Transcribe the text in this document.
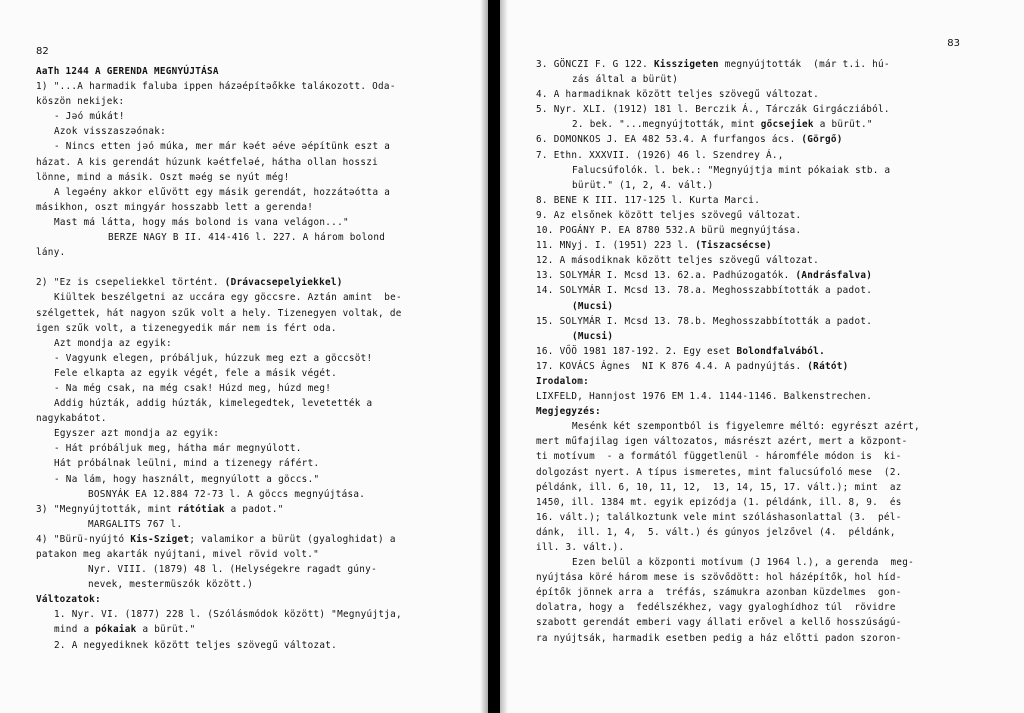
82
AaTh 1244 A GERENDA MEGNYÚJTÁSA
1) "...A harmadik faluba ippen házəépítəőkke taláкozott. Oda-
köszön nekijek:
- Jəó múkát!
Azok visszaszəónak:
- Nincs etten jəó múka, mer már kəét əéve əépítünk eszt a
házat. A kis gerendát húzunk kəétfeləé, hátha ollan hosszi
lönne, mind a másik. Oszt məég se nyút még!
A legəény akkor elűvött egy másik gerendát, hozzátəótta a
másikhon, oszt mingyár hosszabb lett a gerenda!
Mast má látta, hogy más bolond is vana velágon..."
BERZE NAGY B II. 414-416 l. 227. A három bolond
lány.
2) "Ez is csepeliekkel történt. (Drávacsepelyiekkel)
Kiültek beszélgetni az uccára egy göccsre. Aztán amint  be-
szélgettek, hát nagyon szűk volt a hely. Tizenegyen voltak, de
igen szűk volt, a tizenegyedik már nem is fért oda.
Azt mondja az egyik:
- Vagyunk elegen, próbáljuk, húzzuk meg ezt a göccsöt!
Fele elkapta az egyik végét, fele a másik végét.
- Na még csak, na még csak! Húzd meg, húzd meg!
Addig húzták, addig húzták, kimelegedtek, levetették a
nagykabátot.
Egyszer azt mondja az egyik:
- Hát próbáljuk meg, hátha már megnyúlott.
Hát próbálnak leülni, mind a tizenegy ráfért.
- Na lám, hogy használt, megnyúlott a göccs."
BOSNYÁK EA 12.884 72-73 l. A göccs megnyújtása.
3) "Megnyújtották, mint rátótiak a padot."
MARGALITS 767 l.
4) "Bürü-nyújtó Kis-Sziget; valamikor a bürüt (gyaloghidat) a
patakon meg akarták nyújtani, mivel rövid volt."
Nyr. VIII. (1879) 48 l. (Helységekre ragadt gúny-
nevek, mestermüszók között.)
Változatok:
1. Nyr. VI. (1877) 228 l. (Szólásmódok között) "Megnyújtja,
mind a pókaiak a bürüt."
2. A negyediknek között teljes szövegű változat.
83
3. GÖNCZI F. G 122. Kisszigeten megnyújtották  (már t.i. hú-
zás által a bürüt)
4. A harmadiknak között teljes szövegű változat.
5. Nyr. XLI. (1912) 181 l. Berczik Á., Tárczák Girgácziából.
2. bek. "...megnyújtották, mint gőcsejiek a bürüt."
6. DOMONKOS J. EA 482 53.4. A furfangos ács. (Görgő)
7. Ethn. XXXVII. (1926) 46 l. Szendrey Á.,
Falucsúfolók. l. bek.: "Megnyújtja mint pókaiak stb. a
bürüt." (1, 2, 4. vált.)
8. BENE K III. 117-125 l. Kurta Marci.
9. Az elsőnek között teljes szövegű változat.
10. POGÁNY P. EA 8780 532.A bürü megnyújtása.
11. MNyj. I. (1951) 223 l. (Tiszacsécse)
12. A másodiknak között teljes szövegű változat.
13. SOLYMÁR I. Mcsd 13. 62.a. Padhúzogatók. (Andrásfalva)
14. SOLYMÁR I. Mcsd 13. 78.a. Meghosszabbították a padot.
(Mucsi)
15. SOLYMÁR I. Mcsd 13. 78.b. Meghosszabbították a padot.
(Mucsi)
16. VŐÖ 1981 187-192. 2. Egy eset Bolondfalvából.
17. KOVÁCS Ágnes  NI K 876 4.4. A padnyújtás. (Rátót)
Irodalom:
LIXFELD, Hannjost 1976 EM 1.4. 1144-1146. Balkenstrechen.
Megjegyzés:
Mesénk két szempontból is figyelemre méltó: egyrészt azért,
mert műfajilag igen változatos, másrészt azért, mert a központ-
ti motívum  - a formától függetlenül - háromféle módon is  ki-
dolgozást nyert. A típus ismeretes, mint falucsúfoló mese  (2.
példánk, ill. 6, 10, 11, 12,  13, 14, 15, 17. vált.); mint  az
1450, ill. 1384 mt. egyik epizódja (1. példánk, ill. 8, 9.  és
16. vált.); találkoztunk vele mint szóláshasonlattal (3.  pél-
dánk,  ill. 1, 4,  5. vált.) és gúnyos jelzővel (4.  példánk,
ill. 3. vált.).
Ezen belül a központi motívum (J 1964 l.), a gerenda  meg-
nyújtása köré három mese is szövődött: hol házépítők, hol híd-
építők jönnek arra a  tréfás, számukra azonban küzdelmes  gon-
dolatra, hogy a  fedélszékhez, vagy gyaloghídhoz túl  rövidre
szabott gerendát emberi vagy állati erővel a kellő hosszúságú-
ra nyújtsák, harmadik esetben pedig a ház előtti padon szoron-
